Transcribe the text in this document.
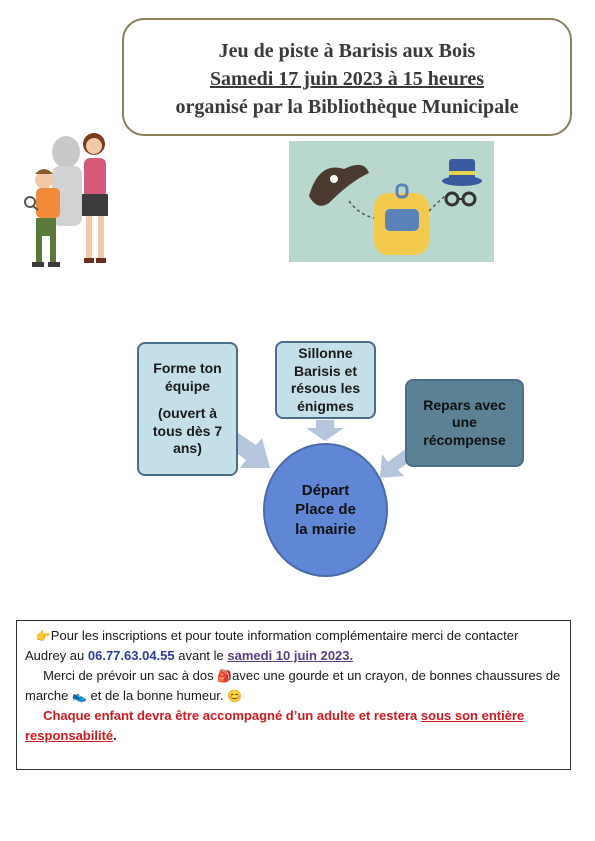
Jeu de piste à Barisis aux Bois
Samedi 17 juin 2023 à 15 heures
organisé par la Bibliothèque Municipale
Forme ton
équipe
(ouvert à
tous dès 7
ans)
Sillonne
Barisis et
résous les
énigmes	Repars avec
une
récompense
Départ
Place de
la mairie

👉Pour les inscriptions et pour toute information complémentaire merci de contacter Audrey au 06.77.63.04.55 avant le samedi 10 juin 2023.

Merci de prévoir un sac à dos 🎒avec une gourde et un crayon, de bonnes chaussures de marche 👟 et de la bonne humeur. 😊

Chaque enfant devra être accompagné d’un adulte et restera sous son entière responsabilité.
